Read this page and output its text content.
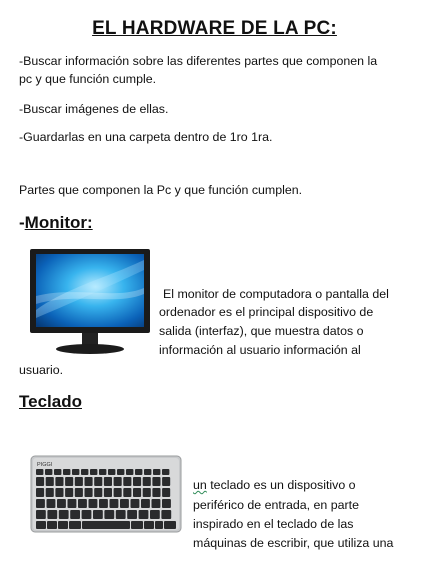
EL HARDWARE DE LA PC:
-Buscar información sobre las diferentes partes que componen la pc y que función cumple.
-Buscar imágenes de ellas.
-Guardarlas en una carpeta dentro de 1ro 1ra.
Partes que componen la Pc y que función cumplen.
-Monitor:
El monitor de computadora o pantalla del
ordenador es el principal dispositivo de
salida (interfaz), que muestra datos o
información al usuario información al
usuario.
Teclado
PIGGI
un teclado es un dispositivo o
periférico de entrada, en parte
inspirado en el teclado de las
máquinas de escribir, que utiliza una
